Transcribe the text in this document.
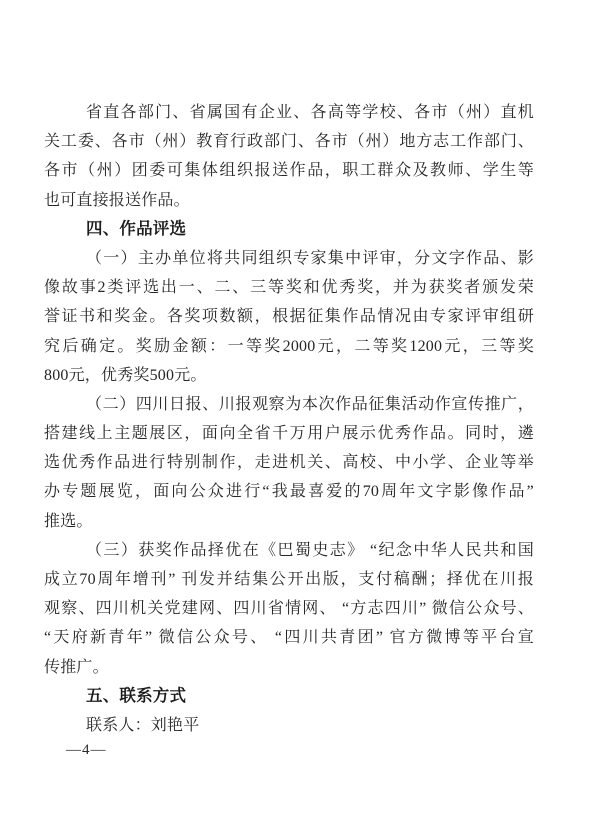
省直各部门、省属国有企业、各高等学校、各市（州）直机
关工委、各市（州）教育行政部门、各市（州）地方志工作部门、
各市（州）团委可集体组织报送作品，职工群众及教师、学生等
也可直接报送作品。
四、作品评选
（一）主办单位将共同组织专家集中评审，分文字作品、影
像故事2类评选出一、二、三等奖和优秀奖，并为获奖者颁发荣
誉证书和奖金。各奖项数额，根据征集作品情况由专家评审组研
究后确定。奖励金额：一等奖2000元，二等奖1200元，三等奖
800元，优秀奖500元。
（二）四川日报、川报观察为本次作品征集活动作宣传推广，
搭建线上主题展区，面向全省千万用户展示优秀作品。同时，遴
选优秀作品进行特别制作，走进机关、高校、中小学、企业等举
办专题展览，面向公众进行“我最喜爱的70周年文字影像作品”
推选。
（三）获奖作品择优在《巴蜀史志》 “纪念中华人民共和国
成立70周年增刊” 刊发并结集公开出版，支付稿酬；择优在川报
观察、四川机关党建网、四川省情网、 “方志四川” 微信公众号、
“天府新青年” 微信公众号、 “四川共青团” 官方微博等平台宣
传推广。
五、联系方式
联系人：刘艳平
—4—
